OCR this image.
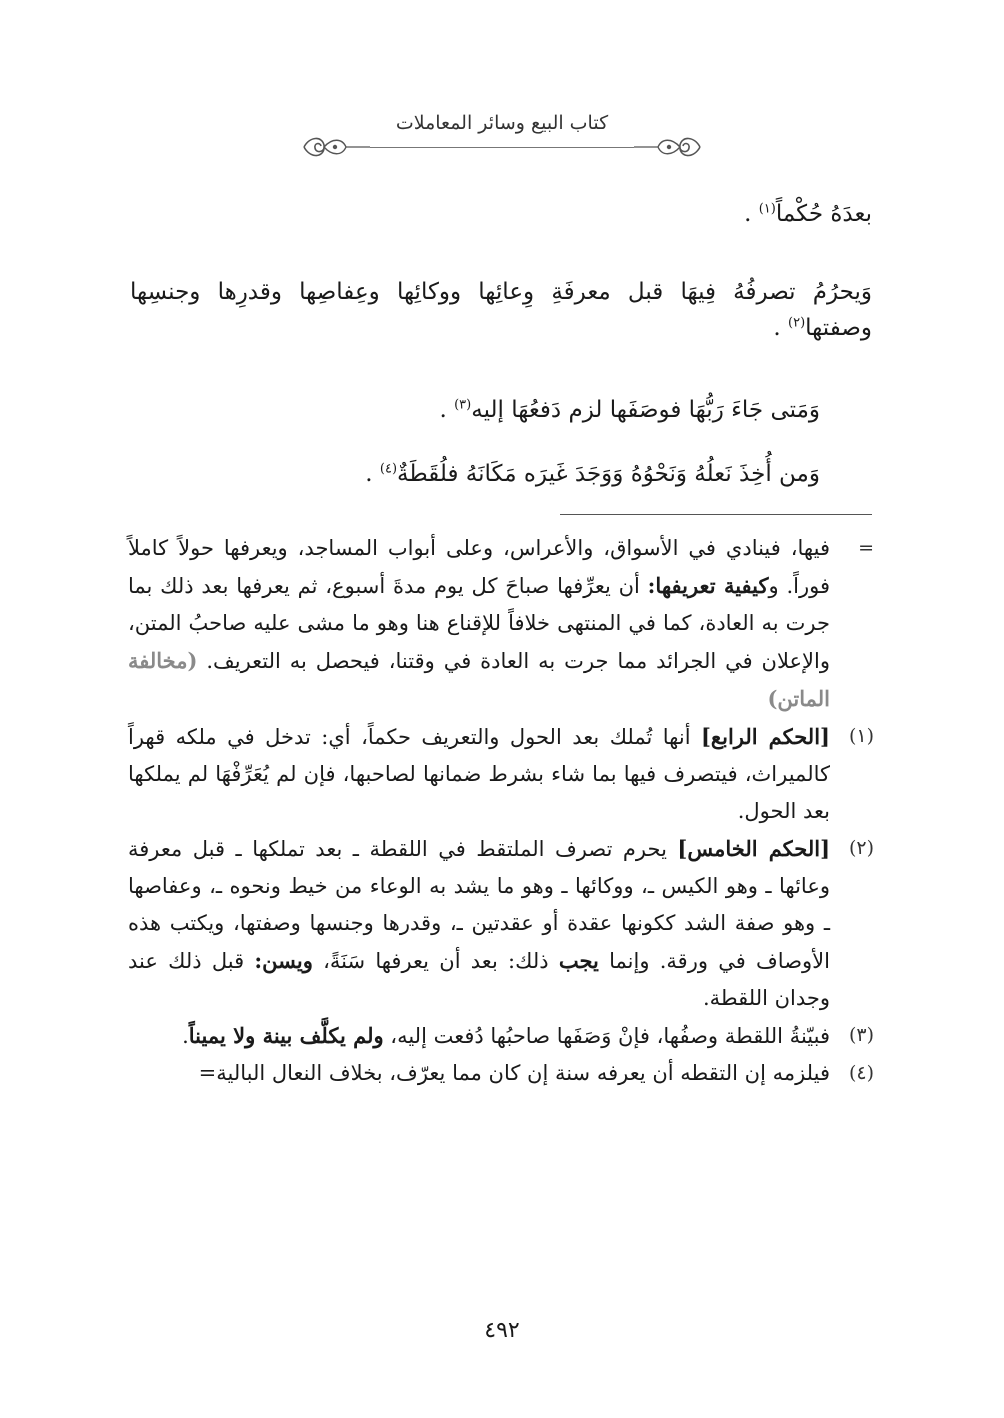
كتاب البيع وسائر المعاملات

بعدَهُ حُكْماً$^{(١)}$ .

وَيحرُمُ تصرفُهُ فِيهَا قبل معرفَةِ وِعائِها ووكائِها وعِفاصِها وقدرِها وجنسِها وصفتها$^{(٢)}$ .

وَمَتى جَاءَ رَبُّهَا فوصَفَها لزم دَفعُهَا إليه$^{(٣)}$ .

وَمن أُخِذَ نَعلُهُ وَنَحْوُهُ وَوَجَدَ غَيرَه مَكَانَهُ فلُقَطَةٌ$^{(٤)}$ .

=
فيها، فينادي في الأسواق، والأعراس، وعلى أبواب المساجد، ويعرفها حولاً كاملاً فوراً. وكيفية تعريفها: أن يعرِّفها صباحَ كل يوم مدةَ أسبوع، ثم يعرفها بعد ذلك بما جرت به العادة، كما في المنتهى خلافاً للإقناع هنا وهو ما مشى عليه صاحبُ المتن، والإعلان في الجرائد مما جرت به العادة في وقتنا، فيحصل به التعريف. (مخالفة الماتن)
(١)
[الحكم الرابع] أنها تُملك بعد الحول والتعريف حكماً، أي: تدخل في ملكه قهراً كالميراث، فيتصرف فيها بما شاء بشرط ضمانها لصاحبها، فإن لم يُعَرِّفْهَا لم يملكها بعد الحول.
(٢)
[الحكم الخامس] يحرم تصرف الملتقط في اللقطة ـ بعد تملكها ـ قبل معرفة وعائها ـ وهو الكيس ـ، ووكائها ـ وهو ما يشد به الوعاء من خيط ونحوه ـ، وعفاصها ـ وهو صفة الشد ككونها عقدة أو عقدتين ـ، وقدرها وجنسها وصفتها، ويكتب هذه الأوصاف في ورقة. وإنما يجب ذلك: بعد أن يعرفها سَنَةً، ويسن: قبل ذلك عند وجدان اللقطة.
(٣)
فبيّنةُ اللقطة وصفُها، فإنْ وَصَفَها صاحبُها دُفعت إليه، ولم يكلَّف بينة ولا يميناً.
(٤)
فيلزمه إن التقطه أن يعرفه سنة إن كان مما يعرّف، بخلاف النعال البالية=
٤٩٢
